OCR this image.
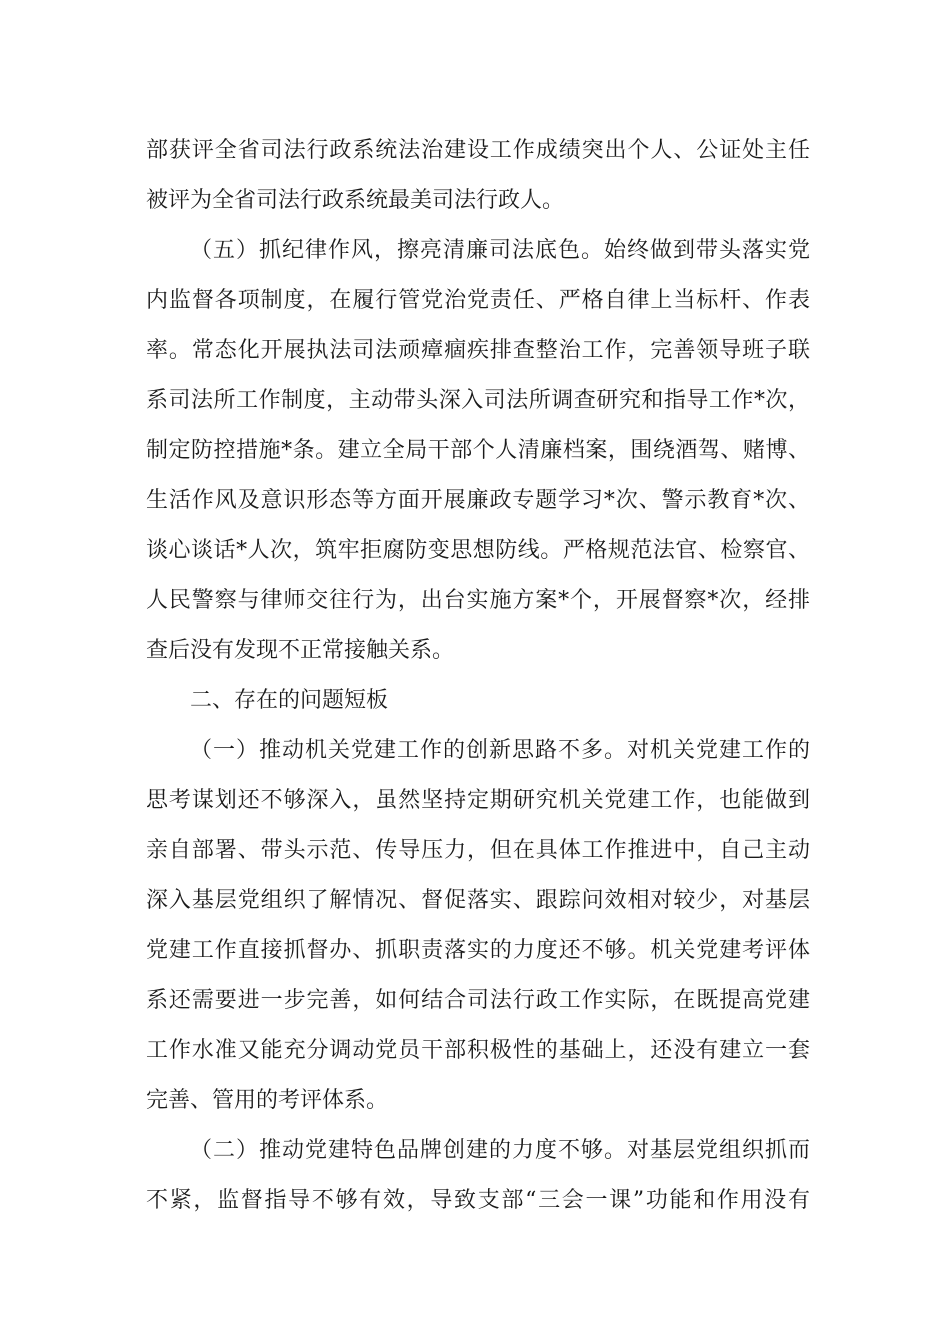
部获评全省司法行政系统法治建设工作成绩突出个人、公证处主任
被评为全省司法行政系统最美司法行政人。
（五）抓纪律作风，擦亮清廉司法底色。始终做到带头落实党
内监督各项制度，在履行管党治党责任、严格自律上当标杆、作表
率。常态化开展执法司法顽瘴痼疾排查整治工作，完善领导班子联
系司法所工作制度，主动带头深入司法所调查研究和指导工作*次，
制定防控措施*条。建立全局干部个人清廉档案，围绕酒驾、赌博、
生活作风及意识形态等方面开展廉政专题学习*次、警示教育*次、
谈心谈话*人次，筑牢拒腐防变思想防线。严格规范法官、检察官、
人民警察与律师交往行为，出台实施方案*个，开展督察*次，经排
查后没有发现不正常接触关系。
二、存在的问题短板
（一）推动机关党建工作的创新思路不多。对机关党建工作的
思考谋划还不够深入，虽然坚持定期研究机关党建工作，也能做到
亲自部署、带头示范、传导压力，但在具体工作推进中，自己主动
深入基层党组织了解情况、督促落实、跟踪问效相对较少，对基层
党建工作直接抓督办、抓职责落实的力度还不够。机关党建考评体
系还需要进一步完善，如何结合司法行政工作实际，在既提高党建
工作水准又能充分调动党员干部积极性的基础上，还没有建立一套
完善、管用的考评体系。
（二）推动党建特色品牌创建的力度不够。对基层党组织抓而
不紧，监督指导不够有效，导致支部“三会一课”功能和作用没有
